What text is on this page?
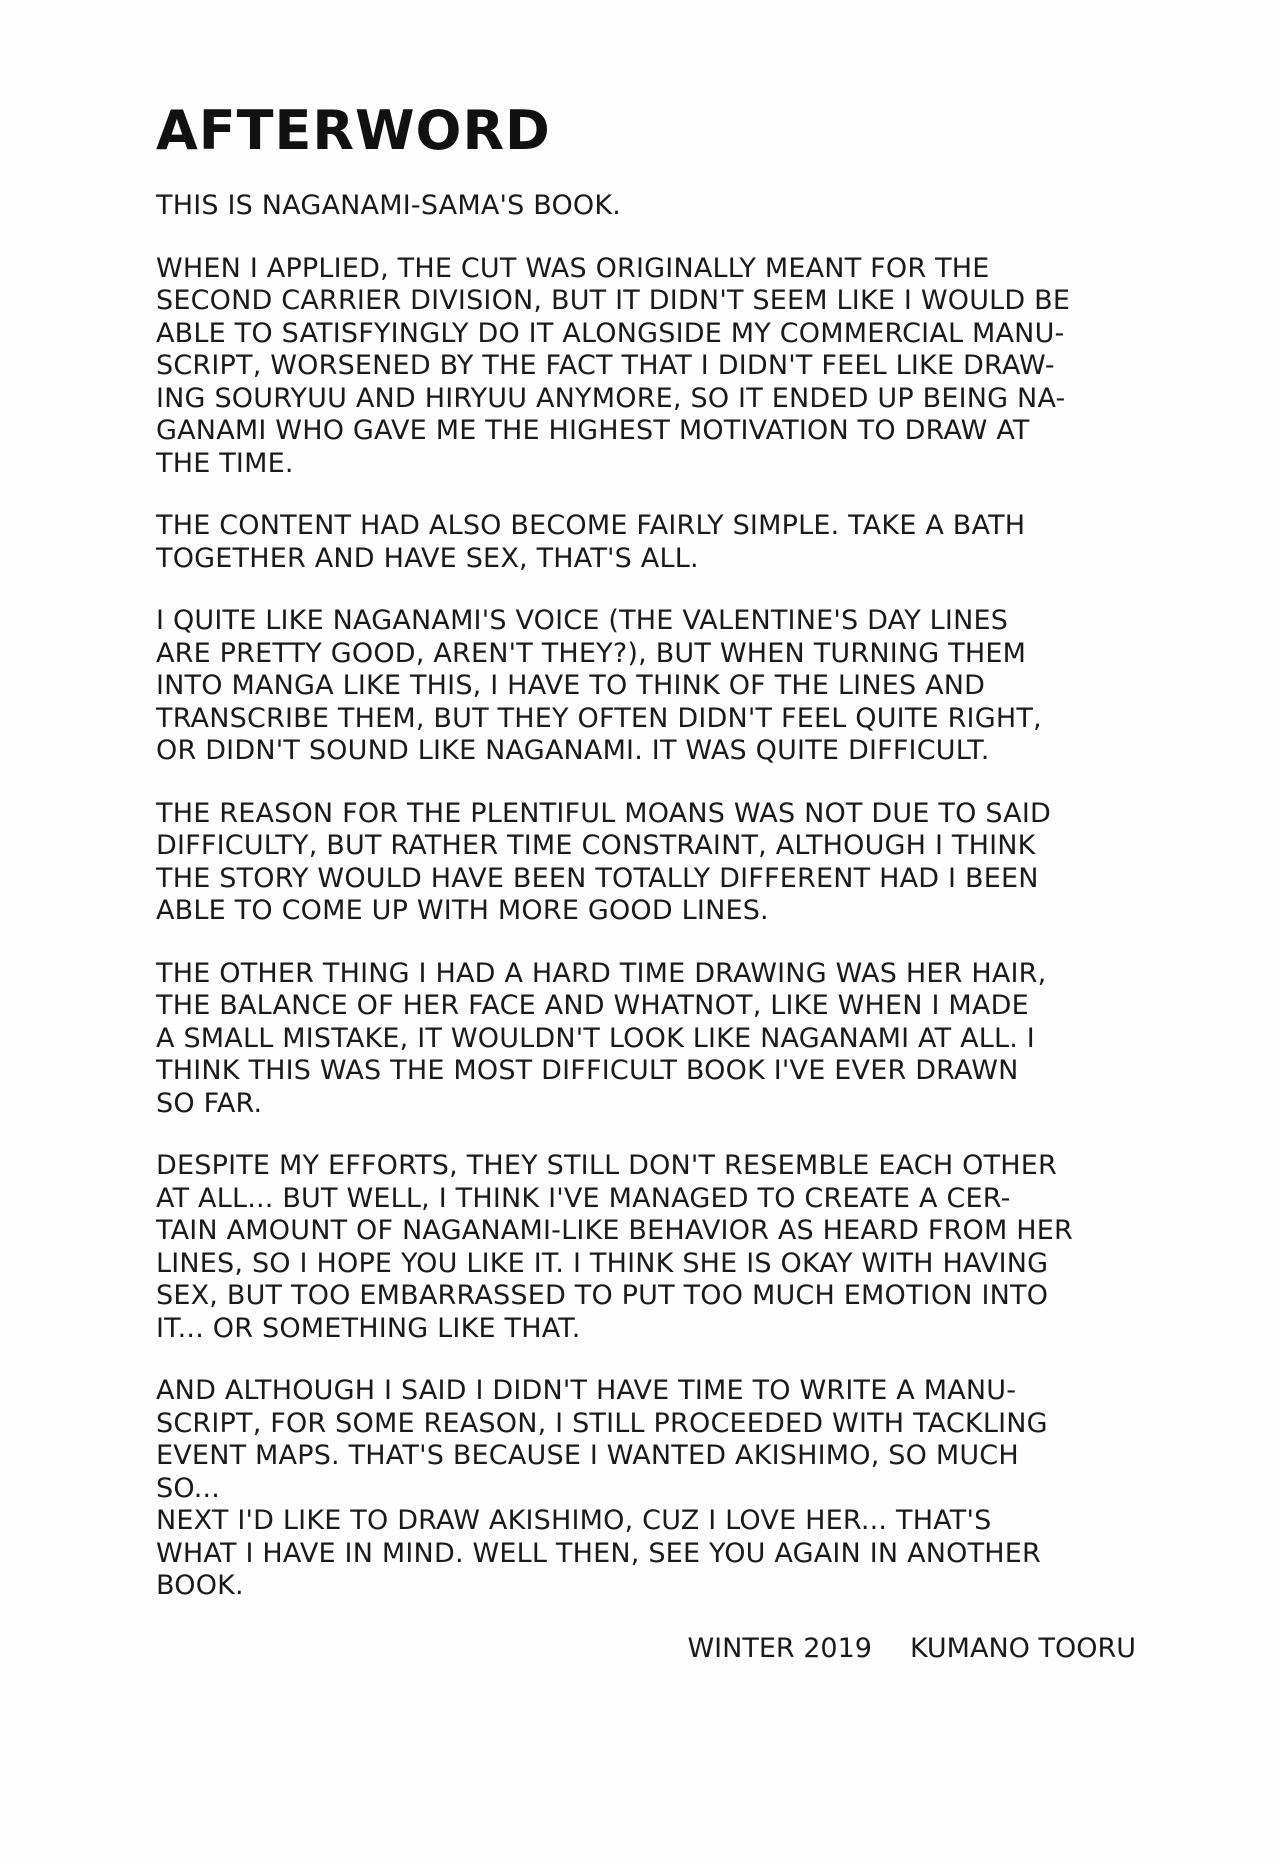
AFTERWORD
THIS IS NAGANAMI-SAMA'S BOOK.
WHEN I APPLIED, THE CUT WAS ORIGINALLY MEANT FOR THE
SECOND CARRIER DIVISION, BUT IT DIDN'T SEEM LIKE I WOULD BE
ABLE TO SATISFYINGLY DO IT ALONGSIDE MY COMMERCIAL MANU-
SCRIPT, WORSENED BY THE FACT THAT I DIDN'T FEEL LIKE DRAW-
ING SOURYUU AND HIRYUU ANYMORE, SO IT ENDED UP BEING NA-
GANAMI WHO GAVE ME THE HIGHEST MOTIVATION TO DRAW AT
THE TIME.
THE CONTENT HAD ALSO BECOME FAIRLY SIMPLE. TAKE A BATH
TOGETHER AND HAVE SEX, THAT'S ALL.
I QUITE LIKE NAGANAMI'S VOICE (THE VALENTINE'S DAY LINES
ARE PRETTY GOOD, AREN'T THEY?), BUT WHEN TURNING THEM
INTO MANGA LIKE THIS, I HAVE TO THINK OF THE LINES AND
TRANSCRIBE THEM, BUT THEY OFTEN DIDN'T FEEL QUITE RIGHT,
OR DIDN'T SOUND LIKE NAGANAMI. IT WAS QUITE DIFFICULT.
THE REASON FOR THE PLENTIFUL MOANS WAS NOT DUE TO SAID
DIFFICULTY, BUT RATHER TIME CONSTRAINT, ALTHOUGH I THINK
THE STORY WOULD HAVE BEEN TOTALLY DIFFERENT HAD I BEEN
ABLE TO COME UP WITH MORE GOOD LINES.
THE OTHER THING I HAD A HARD TIME DRAWING WAS HER HAIR,
THE BALANCE OF HER FACE AND WHATNOT, LIKE WHEN I MADE
A SMALL MISTAKE, IT WOULDN'T LOOK LIKE NAGANAMI AT ALL. I
THINK THIS WAS THE MOST DIFFICULT BOOK I'VE EVER DRAWN
SO FAR.
DESPITE MY EFFORTS, THEY STILL DON'T RESEMBLE EACH OTHER
AT ALL... BUT WELL, I THINK I'VE MANAGED TO CREATE A CER-
TAIN AMOUNT OF NAGANAMI-LIKE BEHAVIOR AS HEARD FROM HER
LINES, SO I HOPE YOU LIKE IT. I THINK SHE IS OKAY WITH HAVING
SEX, BUT TOO EMBARRASSED TO PUT TOO MUCH EMOTION INTO
IT... OR SOMETHING LIKE THAT.
AND ALTHOUGH I SAID I DIDN'T HAVE TIME TO WRITE A MANU-
SCRIPT, FOR SOME REASON, I STILL PROCEEDED WITH TACKLING
EVENT MAPS. THAT'S BECAUSE I WANTED AKISHIMO, SO MUCH
SO...
NEXT I'D LIKE TO DRAW AKISHIMO, CUZ I LOVE HER... THAT'S
WHAT I HAVE IN MIND. WELL THEN, SEE YOU AGAIN IN ANOTHER
BOOK.
WINTER 2019 KUMANO TOORU
